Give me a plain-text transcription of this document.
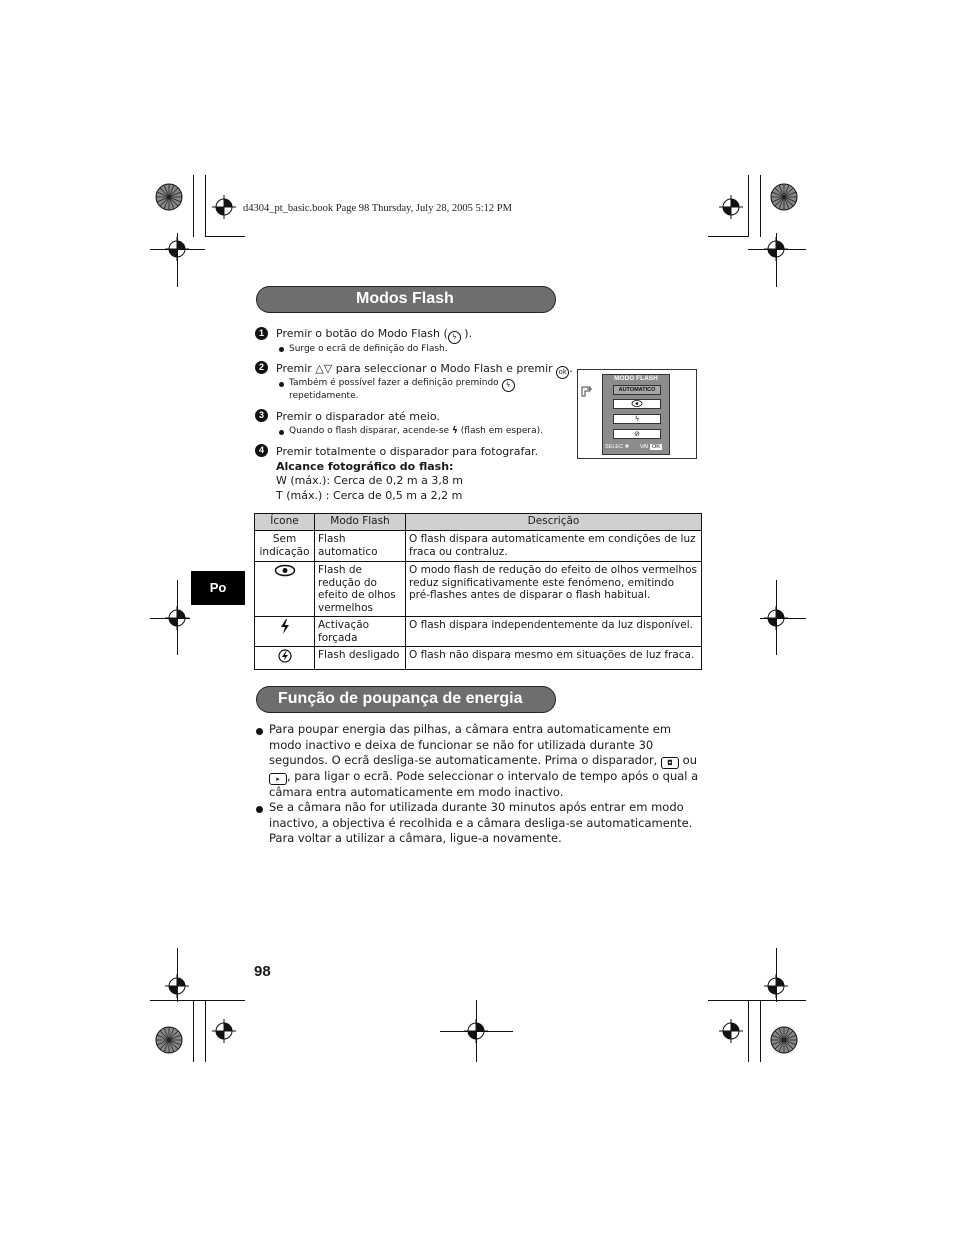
d4304_pt_basic.book Page 98 Thursday, July 28, 2005 5:12 PM
Modos Flash
1	Premir o botão do Modo Flash ( ϟ ).
Surge o ecrã de definição do Flash.
2	Premir △▽ para seleccionar o Modo Flash e premir ok .
Também é possível fazer a definição premindo ϟ
repetidamente.
3	Premir o disparador até meio.
Quando o flash disparar, acende-se ϟ (flash em espera).
4	Premir totalmente o disparador para fotografar.
Alcance fotográfico do flash:
W (máx.): Cerca de 0,2 m a 3,8 m
T (máx.) : Cerca de 0,5 m a 2,2 m
MODO FLASH
AUTOMATICO
ϟ
⊘
SELEC ✚ VAI OK
Ícone	Modo Flash	Descrição
Sem indicação	Flash automatico	O flash dispara automaticamente em condições de luz fraca ou contraluz.
	Flash de redução do efeito de olhos vermelhos	O modo flash de redução do efeito de olhos vermelhos reduz significativamente este fenómeno, emitindo pré-flashes antes de disparar o flash habitual.
	Activação forçada	O flash dispara independentemente da luz disponível.
	Flash desligado	O flash não dispara mesmo em situações de luz fraca.
Po
Função de poupança de energia
Para poupar energia das pilhas, a câmara entra automaticamente em modo inactivo e deixa de funcionar se não for utilizada durante 30 segundos. O ecrã desliga-se automaticamente. Prima o disparador, ◘ ou ▸ , para ligar o ecrã. Pode seleccionar o intervalo de tempo após o qual a câmara entra automaticamente em modo inactivo.
Se a câmara não for utilizada durante 30 minutos após entrar em modo inactivo, a objectiva é recolhida e a câmara desliga-se automaticamente. Para voltar a utilizar a câmara, ligue-a novamente.
98
